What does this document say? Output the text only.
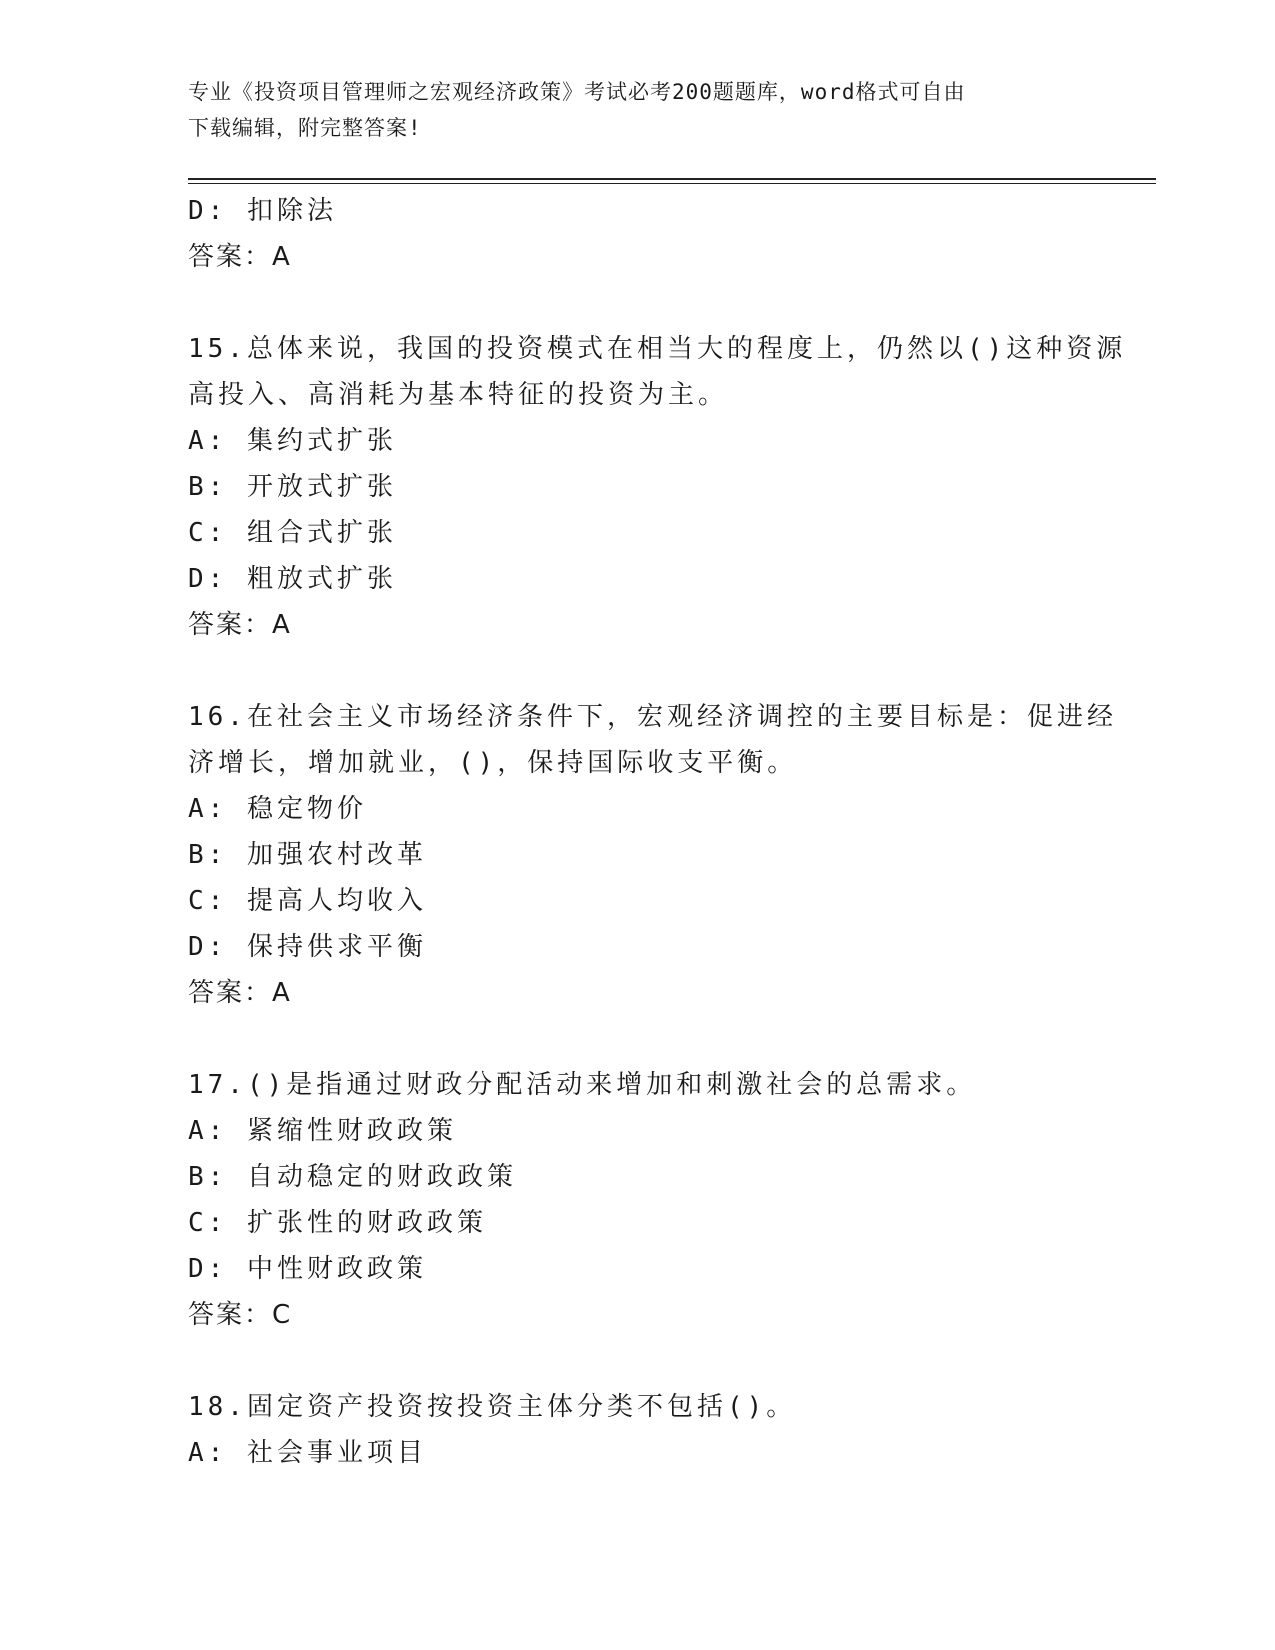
专业《投资项目管理师之宏观经济政策》考试必考200题题库，word格式可自由
下载编辑，附完整答案!
D: 扣除法
答案：A
15.总体来说，我国的投资模式在相当大的程度上，仍然以()这种资源
高投入、高消耗为基本特征的投资为主。
A: 集约式扩张
B: 开放式扩张
C: 组合式扩张
D: 粗放式扩张
答案：A
16.在社会主义市场经济条件下，宏观经济调控的主要目标是：促进经
济增长，增加就业，()，保持国际收支平衡。
A: 稳定物价
B: 加强农村改革
C: 提高人均收入
D: 保持供求平衡
答案：A
17.()是指通过财政分配活动来增加和刺激社会的总需求。
A: 紧缩性财政政策
B: 自动稳定的财政政策
C: 扩张性的财政政策
D: 中性财政政策
答案：C
18.固定资产投资按投资主体分类不包括()。
A: 社会事业项目
